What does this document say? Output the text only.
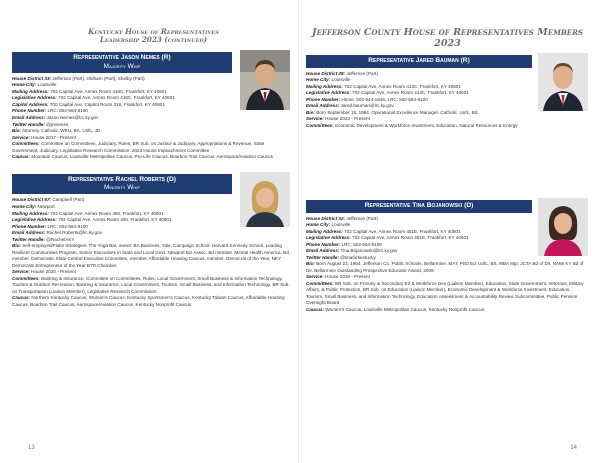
Kentucky House of Representatives
Leadership 2023 (continued)
Representative Jason Nemes (R)
Majority Whip
House District 33: Jefferson (Part), Oldham (Part), Shelby (Part)
Home City: Louisville
Mailing Address: 702 Capital Ave, Annex Room 416C, Frankfort, KY 40601
Legislative Address: 702 Capital Ave, Annex Room 416C, Frankfort, KY 40601
Capitol Address: 700 Capital Ave, Capitol Room 316, Frankfort, KY 40601
Phone Number: LRC: 502-564-8100
Email Address: Jason.Nemes@lrc.ky.gov
Twitter Handle: @jnnemes
Bio: Attorney. Catholic. WKU, BA. UofL, JD.
Service: House 2017 - Present
Committees: Committee on Committees, Judiciary, Rules, BR Sub. on Justice & Judiciary, Appropriations & Revenue, State Government, Judiciary, Legislative Research Commission; 2023 House Impeachment Committee
Caucus: Mountain Caucus, Louisville Metropolitan Caucus, Pro-Life Caucus, Bourbon Trail Caucus, Aerospace/Aviation Caucus
Representative Rachel Roberts (D)
Minority Whip
House District 67: Campbell (Part)
Home City: Newport
Mailing Address: 702 Capital Ave, Annex Room 460, Frankfort, KY 40601
Legislative Address: 702 Capital Ave, Annex Room 460, Frankfort, KY 40601
Phone Number: LRC: 502-564-8100
Email Address: Rachel.Roberts@lrc.ky.gov
Twitter Handle: @RachelAKY
Bio: Self-employed/Flake Strategies. The Yoga Bar, owner. BA Business, Yale, Campaign School, Harvard Kennedy School, Leading Resilient Communities Program, Senior Executives in State and Local Govt. Newport Biz Assoc, Bd member. Mental Health America, Bd member. Democratic State Central Executive Committee, member. Affordable Housing Caucus, member. Democrat of the Year, NKY Democrats Entrepreneur of the Year BTR Chamber.
Service: House 2020 - Present
Committees: Banking & Insurance, Committee on Committees, Rules, Local Government, Small Business & Information Technology, Tourism & Outdoor Recreation, Banking & Insurance, Local Government, Tourism, Small Business, and Information Technology, BR Sub. on Transportation (Liaison Member), Legislative Research Commission
Caucus: Northern Kentucky Caucus, Women's Caucus, Kentucky Sportsmen's Caucus, Kentucky Taiwan Caucus, Affordable Housing Caucus, Bourbon Trail Caucus, Aerospace/Aviation Caucus, Kentucky Nonprofit Caucus
13
Jefferson County House of Representatives Members
2023
Representative Jared Bauman (R)
House District 28: Jefferson (Part)
Home City: Louisville
Mailing Address: 702 Capital Ave, Annex Room 413C, Frankfort, KY 40601
Legislative Address: 702 Capital Ave, Annex Room 413C, Frankfort, KY 40601
Phone Number: Home: 502-544-1846, LRC: 502-564-8100
Email Address: Jared.bauman@lrc.ky.gov
Bio: Born September 15, 1984. Operational Excellence Manager. Catholic. UofL, BS.
Service: House 2023 - Present
Committees: Economic Development & Workforce Investment, Education, Natural Resources & Energy
Representative Tina Bojanowski (D)
House District 32: Jefferson (Part)
Home City: Louisville
Mailing Address: 702 Capital Ave, Annex Room 451E, Frankfort, KY 40601
Legislative Address: 702 Capital Ave, Annex Room 451E, Frankfort, KY 40601
Phone Number: LRC: 502-564-8100
Email Address: Tina.Bojanowski@lrc.ky.gov
Twitter Handle: @tinaforkentucky
Bio: Born August 23, 1964. Jefferson Co. Public Schools. Bellarmine, MAT, PhD Ed. UofL, BS, MBA Mgt. JCTA Bd of Dir. NAMI KY Bd of Dir. Bellarmine Outstanding Prospective Educator Award, 2009.
Service: House 2019 - Present
Committees: BR Sub. on Primary & Secondary Ed & Workforce Dev (Liaison Member), Education, State Government, Veterans, Military Affairs, & Public Protection, BR Sub. on Education (Liaison Member), Economic Development & Workforce Investment, Education, Tourism, Small Business, and Information Technology, Education Assessment & Accountability Review Subcommittee, Public Pension Oversight Board
Caucus: Women's Caucus, Louisville Metropolitan Caucus, Kentucky Nonprofit Caucus
14
